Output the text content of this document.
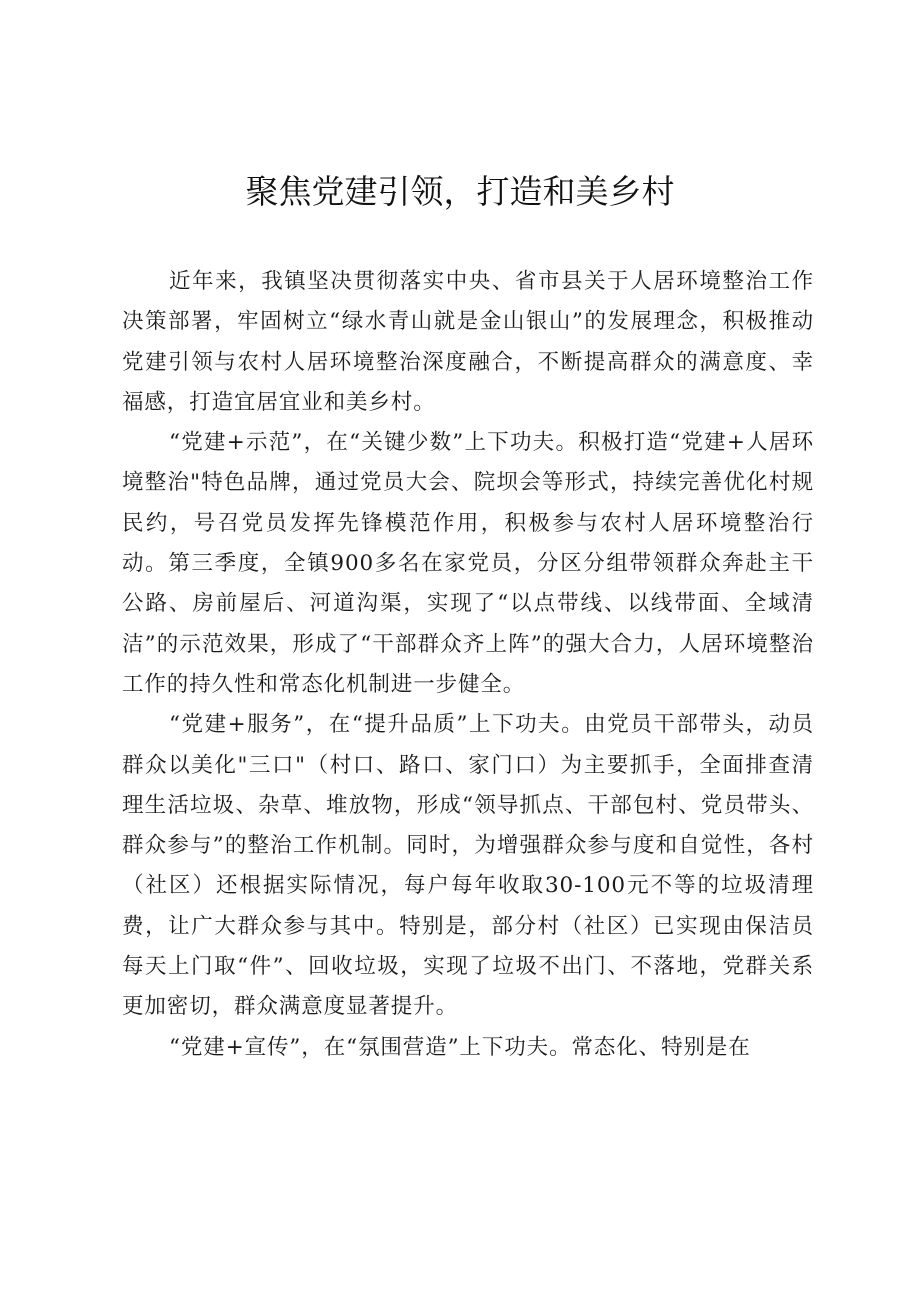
聚焦党建引领，打造和美乡村

近年来，我镇坚决贯彻落实中央、省市县关于人居环境整治工作决策部署，牢固树立“绿水青山就是金山银山”的发展理念，积极推动党建引领与农村人居环境整治深度融合，不断提高群众的满意度、幸福感，打造宜居宜业和美乡村。

“党建+示范”，在“关键少数”上下功夫。积极打造“党建+人居环境整治"特色品牌，通过党员大会、院坝会等形式，持续完善优化村规民约，号召党员发挥先锋模范作用，积极参与农村人居环境整治行动。第三季度，全镇900多名在家党员，分区分组带领群众奔赴主干公路、房前屋后、河道沟渠，实现了“以点带线、以线带面、全域清洁”的示范效果，形成了“干部群众齐上阵”的强大合力，人居环境整治工作的持久性和常态化机制进一步健全。

“党建+服务”，在“提升品质”上下功夫。由党员干部带头，动员群众以美化"三口"（村口、路口、家门口）为主要抓手，全面排查清理生活垃圾、杂草、堆放物，形成“领导抓点、干部包村、党员带头、群众参与”的整治工作机制。同时，为增强群众参与度和自觉性，各村（社区）还根据实际情况，每户每年收取30-100元不等的垃圾清理费，让广大群众参与其中。特别是，部分村（社区）已实现由保洁员每天上门取“件”、回收垃圾，实现了垃圾不出门、不落地，党群关系更加密切，群众满意度显著提升。

“党建+宣传”，在“氛围营造”上下功夫。常态化、特别是在
